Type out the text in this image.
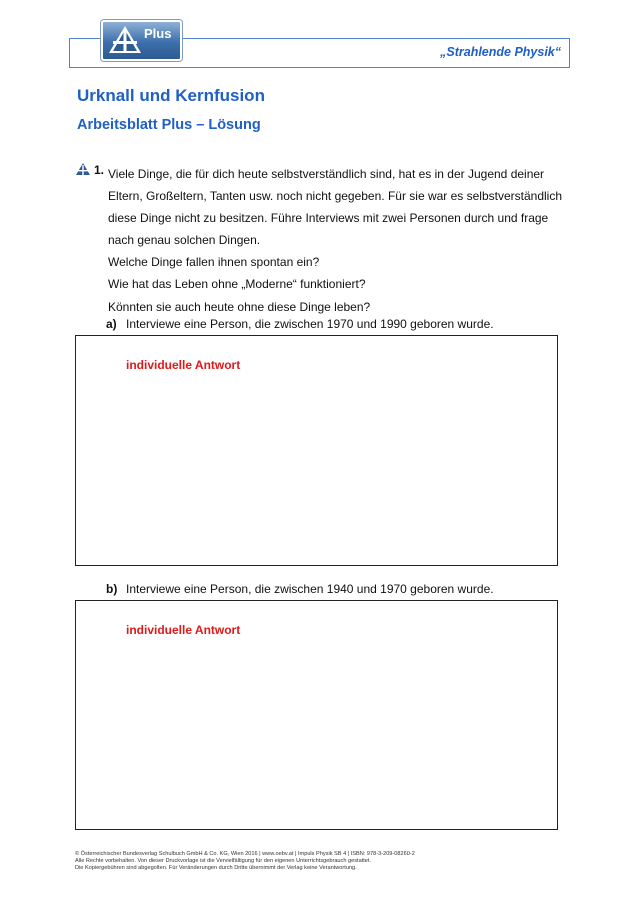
„Strahlende Physik“
Plus
Urknall und Kernfusion
Arbeitsblatt Plus – Lösung
1. Viele Dinge, die für dich heute selbstverständlich sind, hat es in der Jugend deiner
Eltern, Großeltern, Tanten usw. noch nicht gegeben. Für sie war es selbstverständlich
diese Dinge nicht zu besitzen. Führe Interviews mit zwei Personen durch und frage
nach genau solchen Dingen.
Welche Dinge fallen ihnen spontan ein?
Wie hat das Leben ohne „Moderne“ funktioniert?
Könnten sie auch heute ohne diese Dinge leben?
a) Interviewe eine Person, die zwischen 1970 und 1990 geboren wurde.
individuelle Antwort
b) Interviewe eine Person, die zwischen 1940 und 1970 geboren wurde.
individuelle Antwort
© Österreichischer Bundesverlag Schulbuch GmbH & Co. KG, Wien 2016 | www.oebv.at | Impuls Physik SB 4 | ISBN: 978-3-209-08260-2
Alle Rechte vorbehalten. Von dieser Druckvorlage ist die Vervielfältigung für den eigenen Unterrichtsgebrauch gestattet.
Die Kopiergebühren sind abgegolten. Für Veränderungen durch Dritte übernimmt der Verlag keine Verantwortung.
